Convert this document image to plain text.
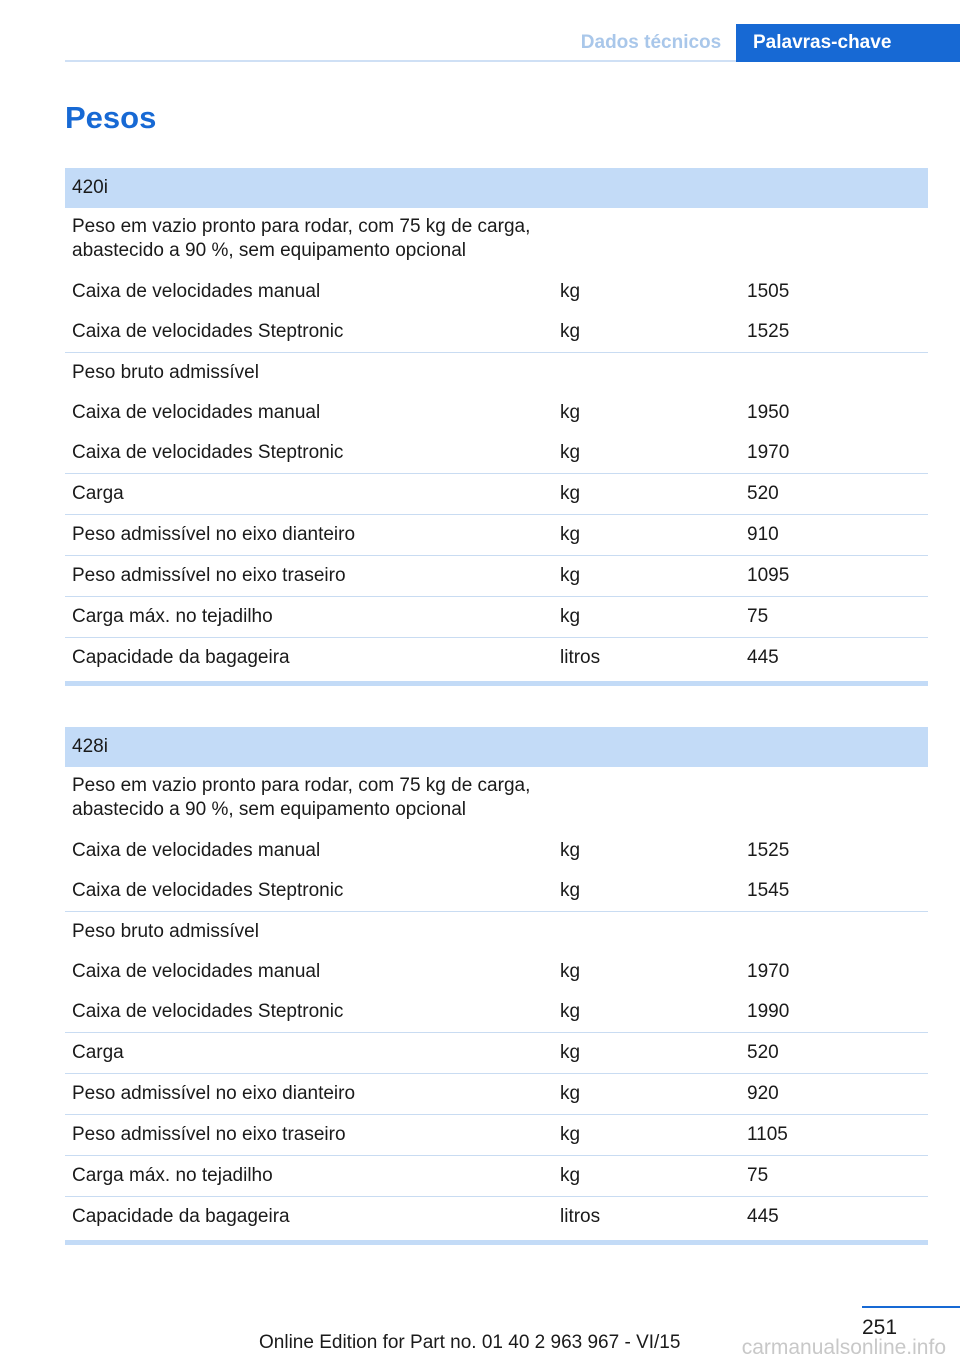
Dados técnicos	Palavras-chave
Pesos
420i		
Peso em vazio pronto para rodar, com 75 kg de carga, abastecido a 90 %, sem equipamento opcional		
Caixa de velocidades manual	kg	1505
Caixa de velocidades Steptronic	kg	1525
Peso bruto admissível		
Caixa de velocidades manual	kg	1950
Caixa de velocidades Steptronic	kg	1970
Carga	kg	520
Peso admissível no eixo dianteiro	kg	910
Peso admissível no eixo traseiro	kg	1095
Carga máx. no tejadilho	kg	75
Capacidade da bagageira	litros	445
428i		
Peso em vazio pronto para rodar, com 75 kg de carga, abastecido a 90 %, sem equipamento opcional		
Caixa de velocidades manual	kg	1525
Caixa de velocidades Steptronic	kg	1545
Peso bruto admissível		
Caixa de velocidades manual	kg	1970
Caixa de velocidades Steptronic	kg	1990
Carga	kg	520
Peso admissível no eixo dianteiro	kg	920
Peso admissível no eixo traseiro	kg	1105
Carga máx. no tejadilho	kg	75
Capacidade da bagageira	litros	445
251
Online Edition for Part no. 01 40 2 963 967 - VI/15	carmanualsonline.info
